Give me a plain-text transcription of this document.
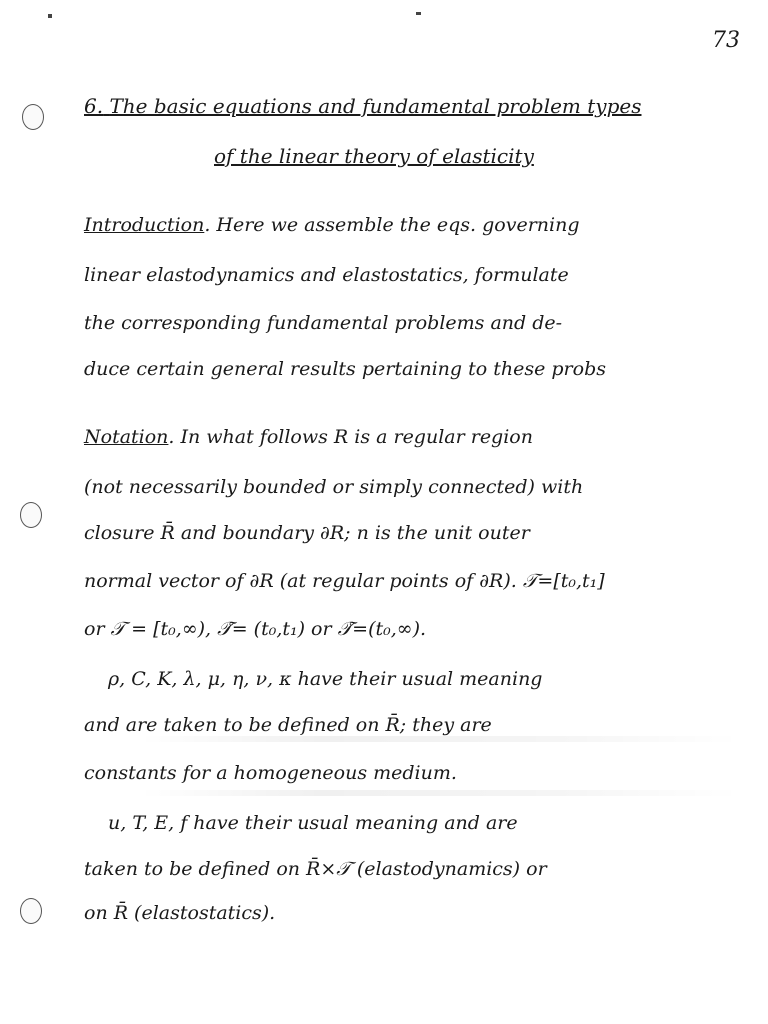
73
6. The basic equations and fundamental problem types
of the linear theory of elasticity
Introduction. Here we assemble the eqs. governing
linear elastodynamics and elastostatics, formulate
the corresponding fundamental problems and de-
duce certain general results pertaining to these probs
Notation. In what follows R is a regular region
(not necessarily bounded or simply connected) with
closure R̄ and boundary ∂R; n is the unit outer
normal vector of ∂R (at regular points of ∂R). 𝒯=[t₀,t₁]
or 𝒯 = [t₀,∞), 𝒯̊= (t₀,t₁) or 𝒯̊=(t₀,∞).
ρ, C, K, λ, μ, η, ν, κ have their usual meaning
and are taken to be defined on R̄; they are
constants for a homogeneous medium.
u, T, E, f have their usual meaning and are
taken to be defined on R̄×𝒯 (elastodynamics) or
on R̄ (elastostatics).
